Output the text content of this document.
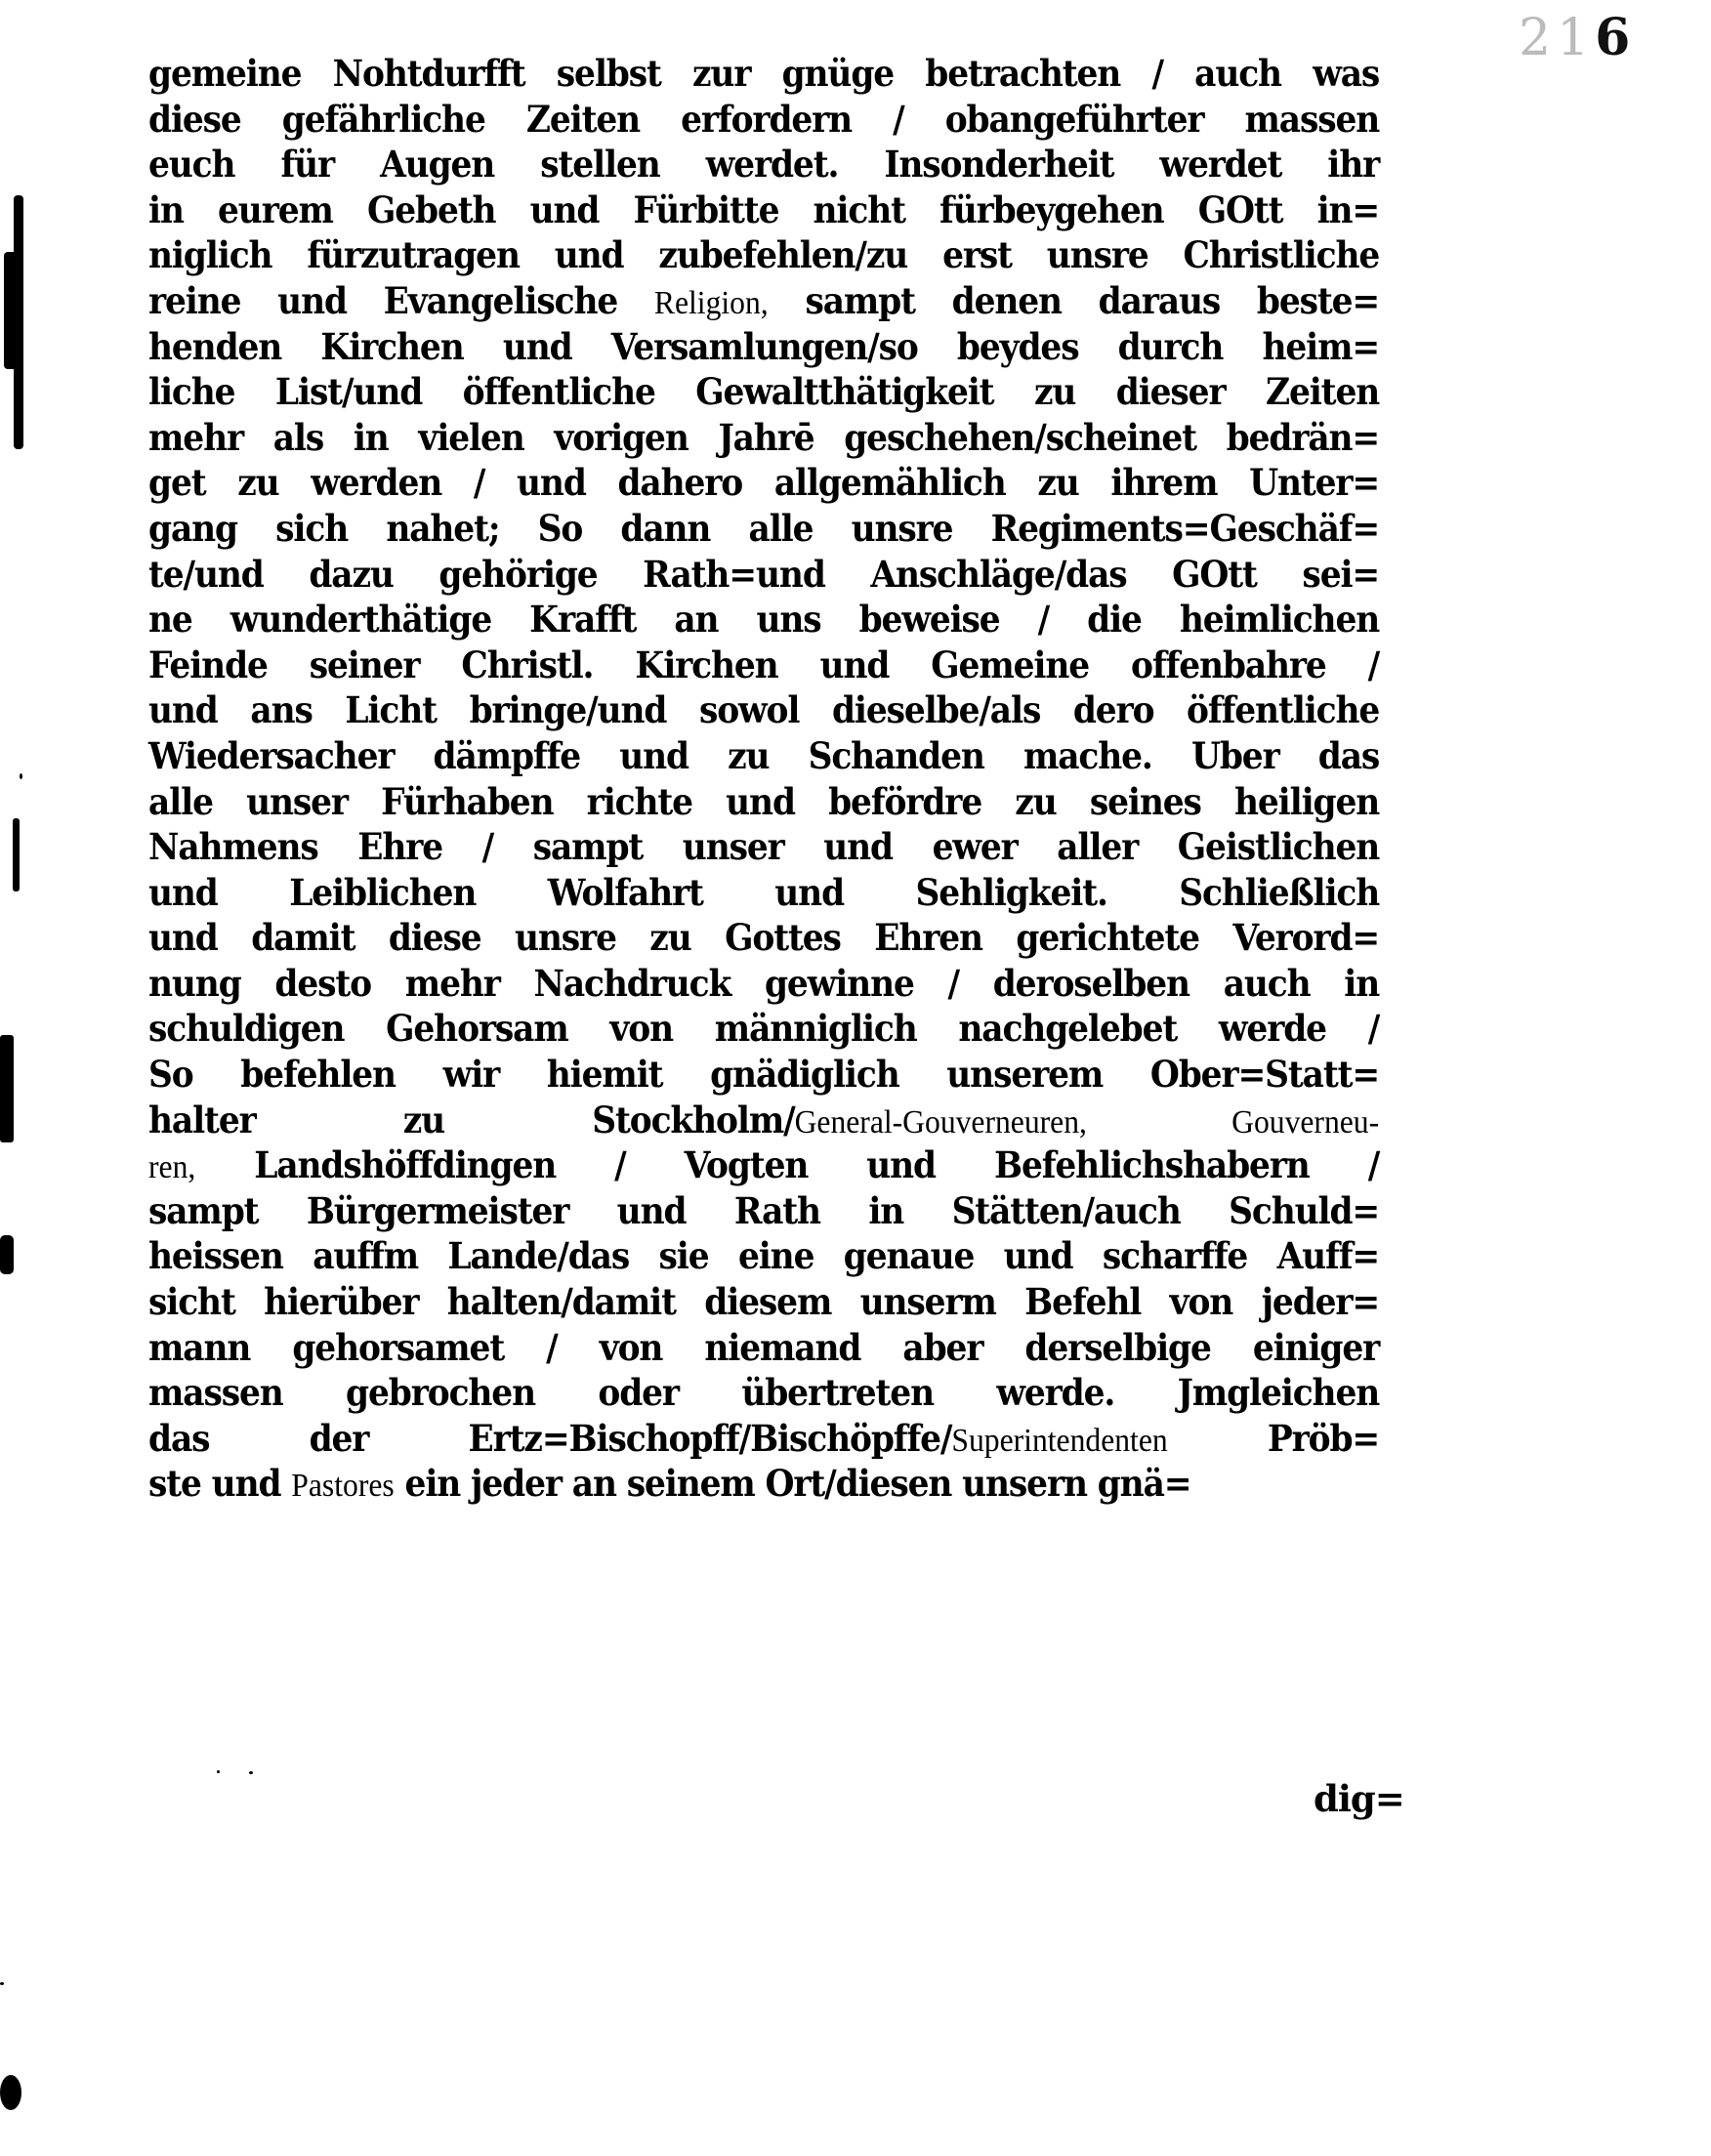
216
gemeine Nohtdurfft selbst zur gnüge betrachten / auch was
diese gefährliche Zeiten erfordern / obangeführter massen
euch für Augen stellen werdet. Insonderheit werdet ihr
in eurem Gebeth und Fürbitte nicht fürbeygehen GOtt in=
niglich fürzutragen und zubefehlen/zu erst unsre Christliche
reine und Evangelische Religion, sampt denen daraus beste=
henden Kirchen und Versamlungen/so beydes durch heim=
liche List/und öffentliche Gewaltthätigkeit zu dieser Zeiten
mehr als in vielen vorigen Jahrē geschehen/scheinet bedrän=
get zu werden / und dahero allgemählich zu ihrem Unter=
gang sich nahet; So dann alle unsre Regiments=Geschäf=
te/und dazu gehörige Rath=und Anschläge/das GOtt sei=
ne wunderthätige Krafft an uns beweise / die heimlichen
Feinde seiner Christl. Kirchen und Gemeine offenbahre /
und ans Licht bringe/und sowol dieselbe/als dero öffentliche
Wiedersacher dämpffe und zu Schanden mache. Uber das
alle unser Fürhaben richte und befördre zu seines heiligen
Nahmens Ehre / sampt unser und ewer aller Geistlichen
und Leiblichen Wolfahrt und Sehligkeit. Schließlich
und damit diese unsre zu Gottes Ehren gerichtete Verord=
nung desto mehr Nachdruck gewinne / deroselben auch in
schuldigen Gehorsam von männiglich nachgelebet werde /
So befehlen wir hiemit gnädiglich unserem Ober=Statt=
halter zu Stockholm/General-Gouverneuren, Gouverneu-
ren, Landshöffdingen / Vogten und Befehlichshabern /
sampt Bürgermeister und Rath in Stätten/auch Schuld=
heissen auffm Lande/das sie eine genaue und scharffe Auff=
sicht hierüber halten/damit diesem unserm Befehl von jeder=
mann gehorsamet / von niemand aber derselbige einiger
massen gebrochen oder übertreten werde. Jmgleichen
das der Ertz=Bischopff/Bischöpffe/Superintendenten Pröb=
ste und Pastores ein jeder an seinem Ort/diesen unsern gnä=
dig=
